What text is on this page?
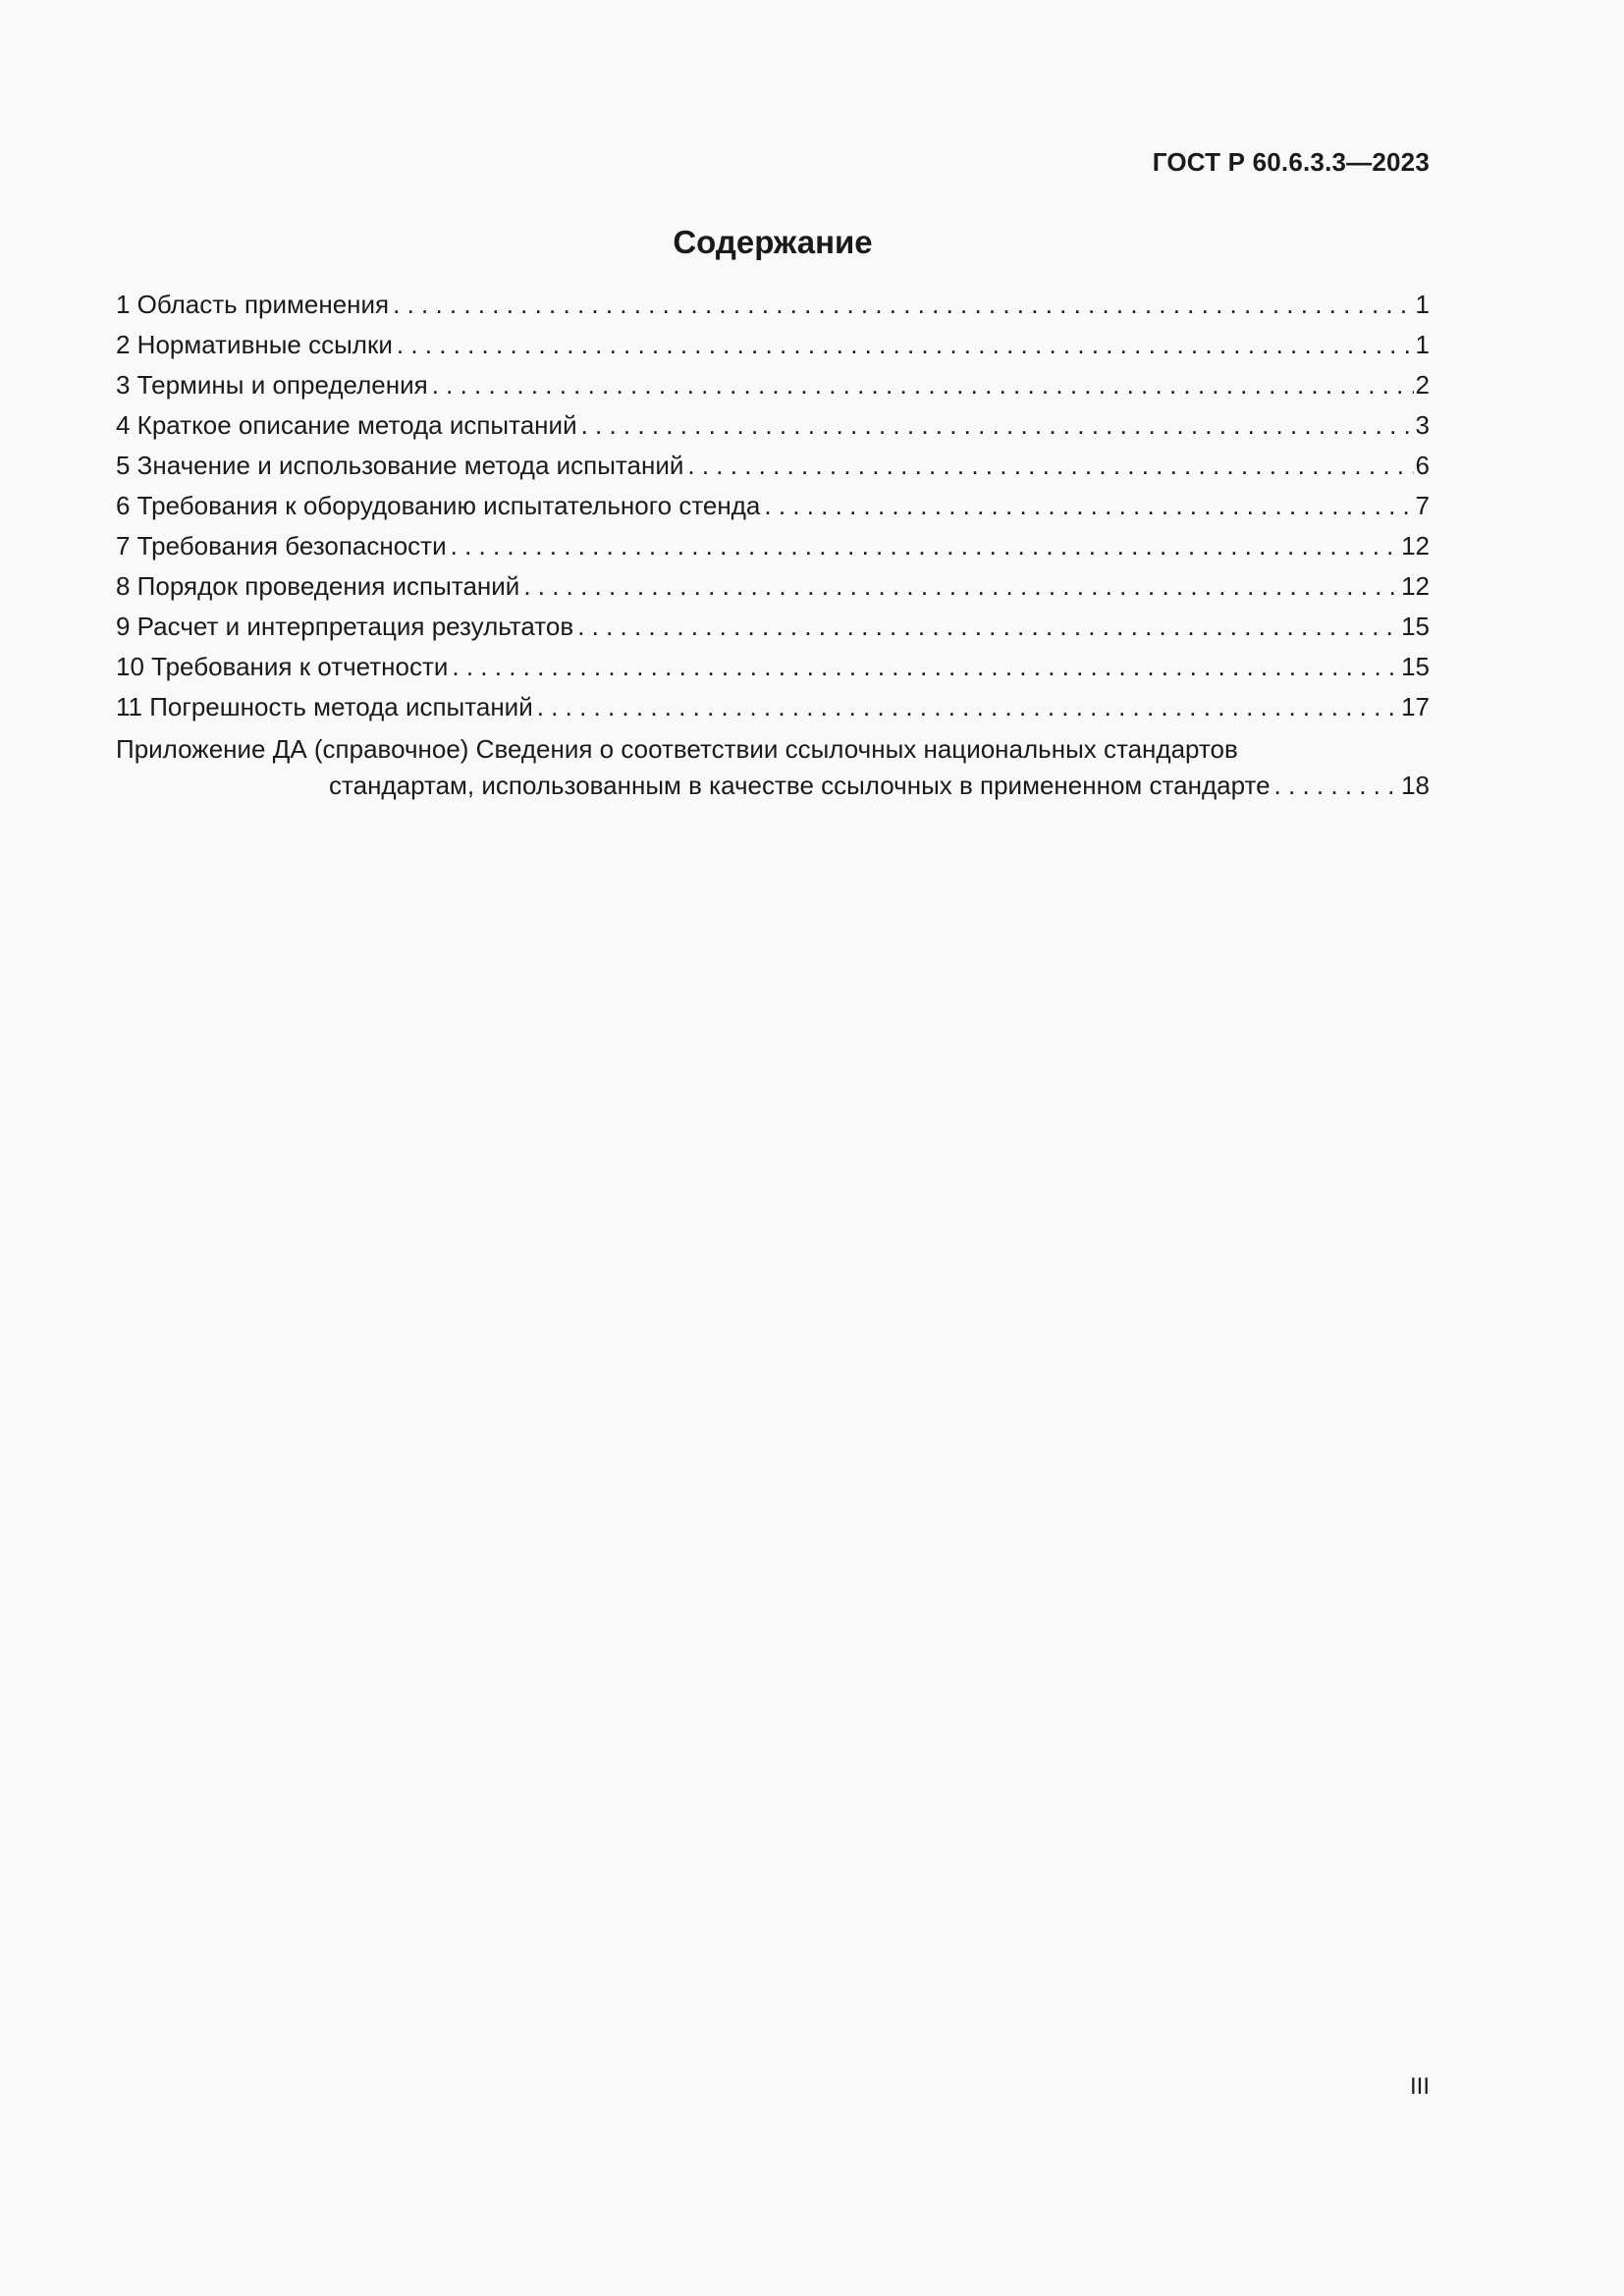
ГОСТ Р 60.6.3.3—2023
Содержание
1 Область применения . . .	1
2 Нормативные ссылки . . .	1
3 Термины и определения . . .	2
4 Краткое описание метода испытаний . . .	3
5 Значение и использование метода испытаний . . .	6
6 Требования к оборудованию испытательного стенда . . .	7
7 Требования безопасности . . .	12
8 Порядок проведения испытаний . . .	12
9 Расчет и интерпретация результатов . . .	15
10 Требования к отчетности . . .	15
11 Погрешность метода испытаний . . .	17
Приложение ДА (справочное) Сведения о соответствии ссылочных национальных стандартов
стандартам, использованным в качестве ссылочных в примененном стандарте . . .	18
III
